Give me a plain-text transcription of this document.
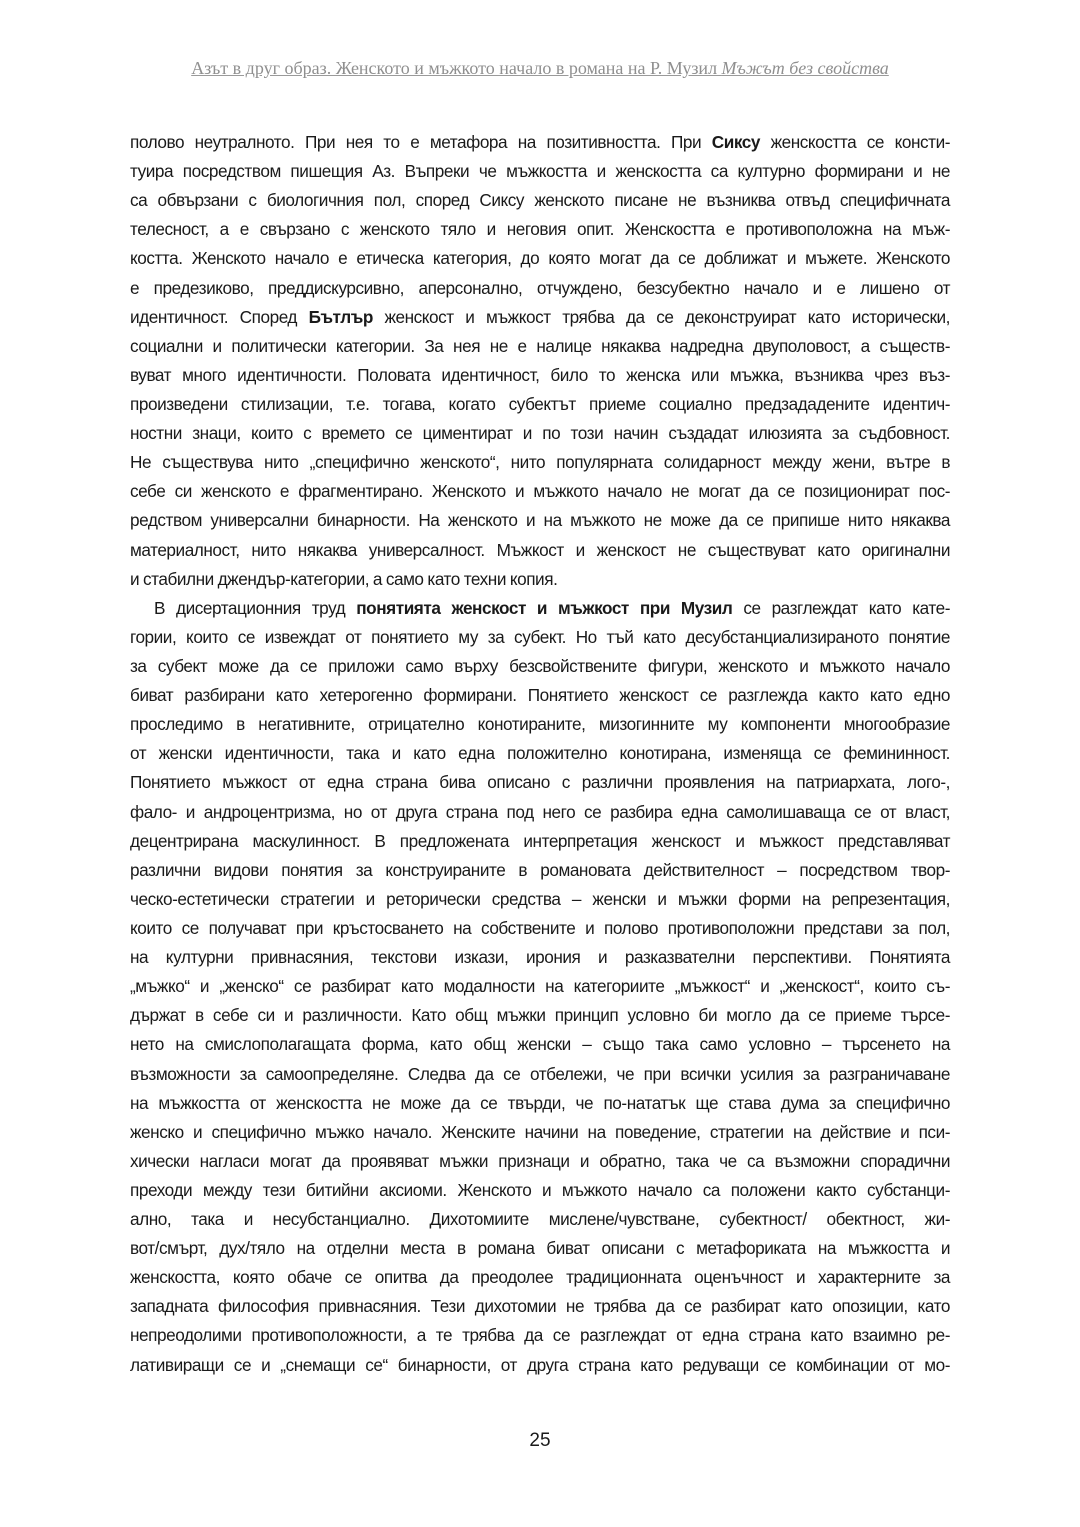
Азът в друг образ. Женското и мъжкото начало в романа на Р. Музил Мъжът без свойства
полово неутралното. При нея то е метафора на позитивността. При Сиксу женскостта се консти-
туира посредством пишещия Аз. Въпреки че мъжкостта и женскостта са културно формирани и не
са обвързани с биологичния пол, според Сиксу женското писане не възниква отвъд специфичната
телесност, а е свързано с женското тяло и неговия опит. Женскостта е противоположна на мъж-
костта. Женското начало е етическа категория, до която могат да се доближат и мъжете. Женското
е предезиково, преддискурсивно, аперсонално, отчуждено, безсубектно начало и е лишено от
идентичност. Според Бътлър женскост и мъжкост трябва да се деконструират като исторически,
социални и политически категории. За нея не е налице някаква надредна двуполовост, а съществ-
вуват много идентичности. Половата идентичност, било то женска или мъжка, възниква чрез въз-
произведени стилизации, т.е. тогава, когато субектът приеме социално предзададените идентич-
ностни знаци, които с времето се циментират и по този начин създадат илюзията за съдбовност.
Не съществува нито „специфично женското“, нито популярната солидарност между жени, вътре в
себе си женското е фрагментирано. Женското и мъжкото начало не могат да се позиционират пос-
редством универсални бинарности. На женското и на мъжкото не може да се припише нито някаква
материалност, нито някаква универсалност. Мъжкост и женскост не съществуват като оригинални
и стабилни джендър-категории, а само като техни копия.
В дисертационния труд понятията женскост и мъжкост при Музил се разглеждат като кате-
гории, които се извеждат от понятието му за субект. Но тъй като десубстанциализираното понятие
за субект може да се приложи само върху безсвойствените фигури, женското и мъжкото начало
биват разбирани като хетерогенно формирани. Понятието женскост се разглежда както като едно
проследимо в негативните, отрицателно конотираните, мизогинните му компоненти многообразие
от женски идентичности, така и като една положително конотирана, изменяща се фемининност.
Понятието мъжкост от една страна бива описано с различни проявления на патриархата, лого-,
фало- и андроцентризма, но от друга страна под него се разбира една самолишаваща се от власт,
децентрирана маскулинност. В предложената интерпретация женскост и мъжкост представляват
различни видови понятия за конструираните в романовата действителност – посредством твор-
ческо-естетически стратегии и реторически средства – женски и мъжки форми на репрезентация,
които се получават при кръстосването на собствените и полово противоположни представи за пол,
на културни привнасяния, текстови изкази, ирония и разказвателни перспективи. Понятията
„мъжко“ и „женско“ се разбират като модалности на категориите „мъжкост“ и „женскост“, които съ-
държат в себе си и различности. Като общ мъжки принцип условно би могло да се приеме търсе-
нето на смислополагащата форма, като общ женски – също така само условно – търсенето на
възможности за самоопределяне. Следва да се отбележи, че при всички усилия за разграничаване
на мъжкостта от женскостта не може да се твърди, че по-нататък ще става дума за специфично
женско и специфично мъжко начало. Женските начини на поведение, стратегии на действие и пси-
хически нагласи могат да проявяват мъжки признаци и обратно, така че са възможни спорадични
преходи между тези битийни аксиоми. Женското и мъжкото начало са положени както субстанци-
ално, така и несубстанциално. Дихотомиите мислене/чувстване, субектност/ обектност, жи-
вот/смърт, дух/тяло на отделни места в романа биват описани с метафориката на мъжкостта и
женскостта, която обаче се опитва да преодолее традиционната оценъчност и характерните за
западната философия привнасяния. Тези дихотомии не трябва да се разбират като опозиции, като
непреодолими противоположности, а те трябва да се разглеждат от една страна като взаимно ре-
лативиращи се и „снемащи се“ бинарности, от друга страна като редуващи се комбинации от мо-
25
